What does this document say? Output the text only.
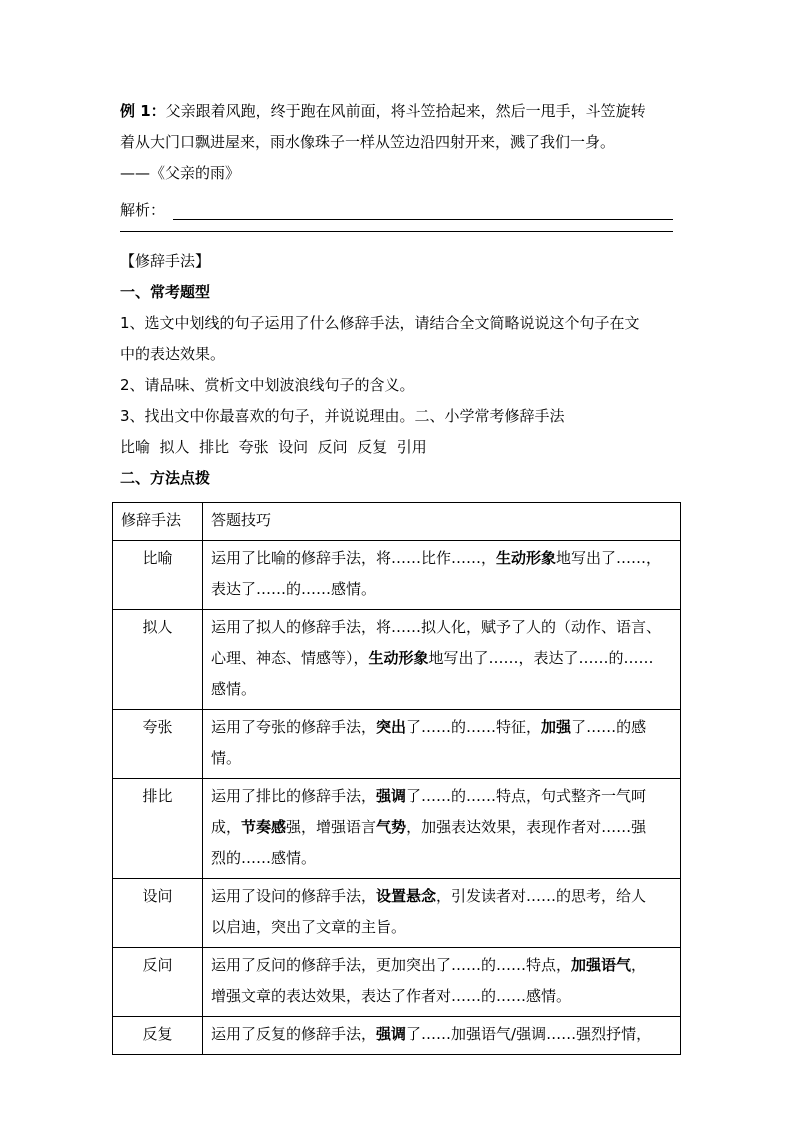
例 1：父亲跟着风跑，终于跑在风前面，将斗笠拾起来，然后一甩手，斗笠旋转
着从大门口飘进屋来，雨水像珠子一样从笠边沿四射开来，溅了我们一身。
——《父亲的雨》
解析：
【修辞手法】
一、常考题型
1、选文中划线的句子运用了什么修辞手法，请结合全文简略说说这个句子在文
中的表达效果。
2、请品味、赏析文中划波浪线句子的含义。
3、找出文中你最喜欢的句子，并说说理由。二、小学常考修辞手法
比喻  拟人  排比  夸张  设问  反问  反复  引用
二、方法点拨
修辞手法	答题技巧
比喻	运用了比喻的修辞手法，将……比作……，生动形象地写出了……，
表达了……的……感情。
拟人	运用了拟人的修辞手法，将……拟人化，赋予了人的（动作、语言、
心理、神态、情感等），生动形象地写出了……，表达了……的……
感情。
夸张	运用了夸张的修辞手法，突出了……的……特征，加强了……的感
情。
排比	运用了排比的修辞手法，强调了……的……特点，句式整齐一气呵
成，节奏感强，增强语言气势，加强表达效果，表现作者对……强
烈的……感情。
设问	运用了设问的修辞手法，设置悬念，引发读者对……的思考，给人
以启迪，突出了文章的主旨。
反问	运用了反问的修辞手法，更加突出了……的……特点，加强语气，
增强文章的表达效果，表达了作者对……的……感情。
反复	运用了反复的修辞手法，强调了……加强语气/强调……强烈抒情，
